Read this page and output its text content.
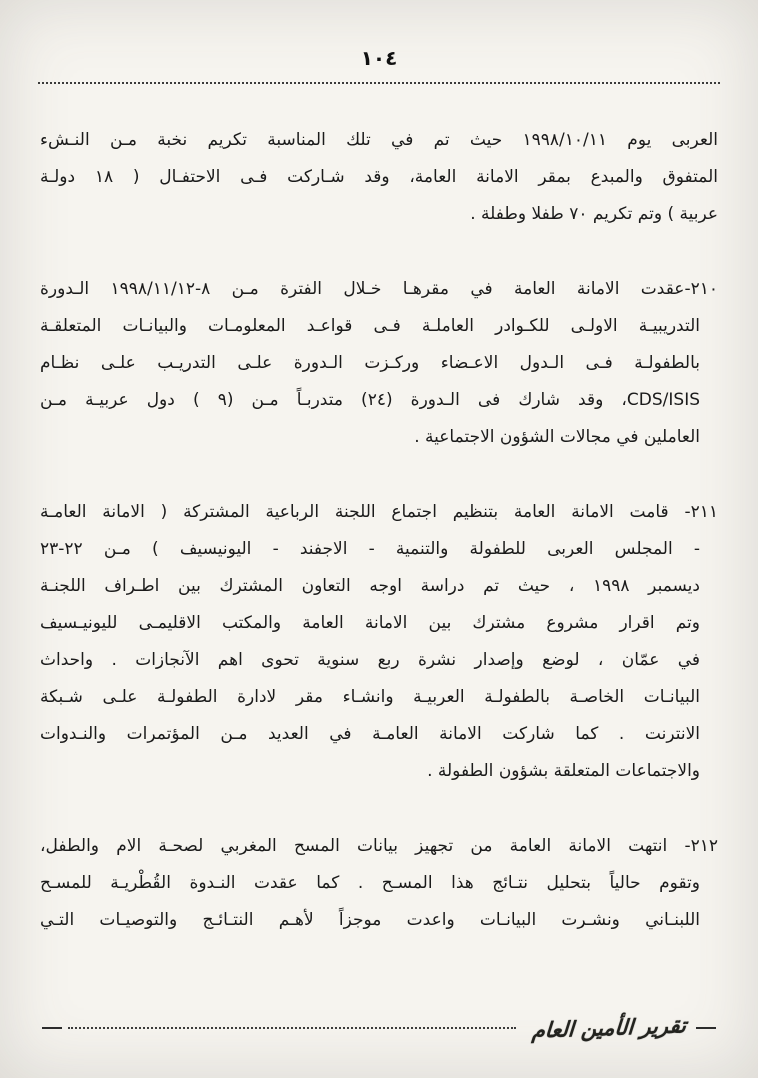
١٠٤
العربى يوم ١٩٩٨/١٠/١١ حيث تم في تلك المناسبة تكريم نخبة مـن النـشء
المتفوق والمبدع بمقر الامانة العامة، وقد شـاركت فـى الاحتفـال ( ١٨ دولـة
عربية ) وتم تكريم ٧٠ طفلا وطفلة .
٢١٠-عقدت الامانة العامة في مقرهـا خـلال الفترة مـن ٨-١٩٩٨/١١/١٢ الـدورة
التدريبيـة الاولـى للكـوادر العاملـة فـى قواعـد المعلومـات والبيانـات المتعلقـة
بالطفولـة فـى الـدول الاعـضاء وركـزت الـدورة علـى التدريـب علـى نظـام
CDS/ISIS، وقد شارك فى الـدورة (٢٤) متدربـاً مـن (٩ ) دول عربيـة مـن
العاملين في مجالات الشؤون الاجتماعية .
٢١١- قامت الامانة العامة بتنظيم اجتماع اللجنة الرباعية المشتركة ( الامانة العامـة
- المجلس العربى للطفولة والتنمية - الاجفند - اليونيسيف ) مـن ٢٢-٢٣
ديسمبر ١٩٩٨ ، حيث تم دراسة اوجه التعاون المشترك بين اطـراف اللجنـة
وتم اقرار مشروع مشترك بين الامانة العامة والمكتب الاقليمـى لليونيـسيف
في عمّان ، لوضع وإصدار نشرة ربع سنوية تحوى اهم الآنجازات . واحداث
البيانـات الخاصـة بالطفولـة العربيـة وانشـاء مقر لادارة الطفولـة علـى شـبكة
الانترنت . كما شاركت الامانة العامـة في العديد مـن المؤتمرات والنـدوات
والاجتماعات المتعلقة بشؤون الطفولة .
٢١٢- انتهت الامانة العامة من تجهيز بيانات المسح المغربي لصحـة الام والطفل،
وتقوم حالياً بتحليل نتـائج هذا المسـح . كما عقدت النـدوة القُطْريـة للمسـح
اللبنـاني ونشـرت البيانـات واعدت موجزاً لأهـم النتـائـج والتوصيـات التـي
تقرير الأمين العام
